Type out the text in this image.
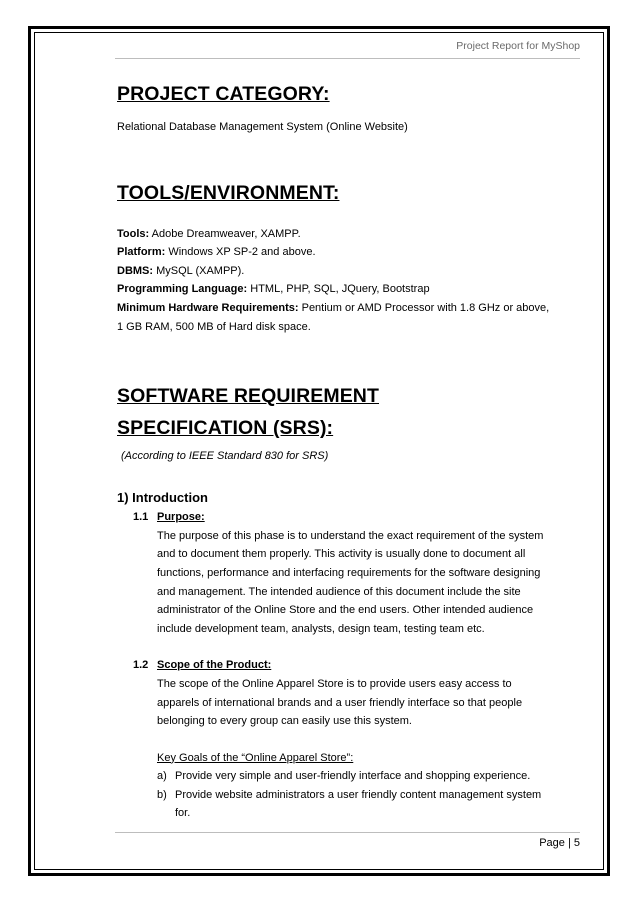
Project Report for MyShop
PROJECT CATEGORY:

Relational Database Management System (Online Website)

TOOLS/ENVIRONMENT:

Tools: Adobe Dreamweaver, XAMPP.

Platform: Windows XP SP-2 and above.

DBMS: MySQL (XAMPP).

Programming Language: HTML, PHP, SQL, JQuery, Bootstrap

Minimum Hardware Requirements: Pentium or AMD Processor with 1.8 GHz or above,

1 GB RAM, 500 MB of Hard disk space.

SOFTWARE REQUIREMENT
SPECIFICATION (SRS):

(According to IEEE Standard 830 for SRS)

1) Introduction

1.1 Purpose:

The purpose of this phase is to understand the exact requirement of the system

and to document them properly. This activity is usually done to document all

functions, performance and interfacing requirements for the software designing

and management. The intended audience of this document include the site

administrator of the Online Store and the end users. Other intended audience

include development team, analysts, design team, testing team etc.

1.2 Scope of the Product:

The scope of the Online Apparel Store is to provide users easy access to

apparels of international brands and a user friendly interface so that people

belonging to every group can easily use this system.

Key Goals of the “Online Apparel Store”:

a) Provide very simple and user-friendly interface and shopping experience.

b) Provide website administrators a user friendly content management system

for.

Page | 5
